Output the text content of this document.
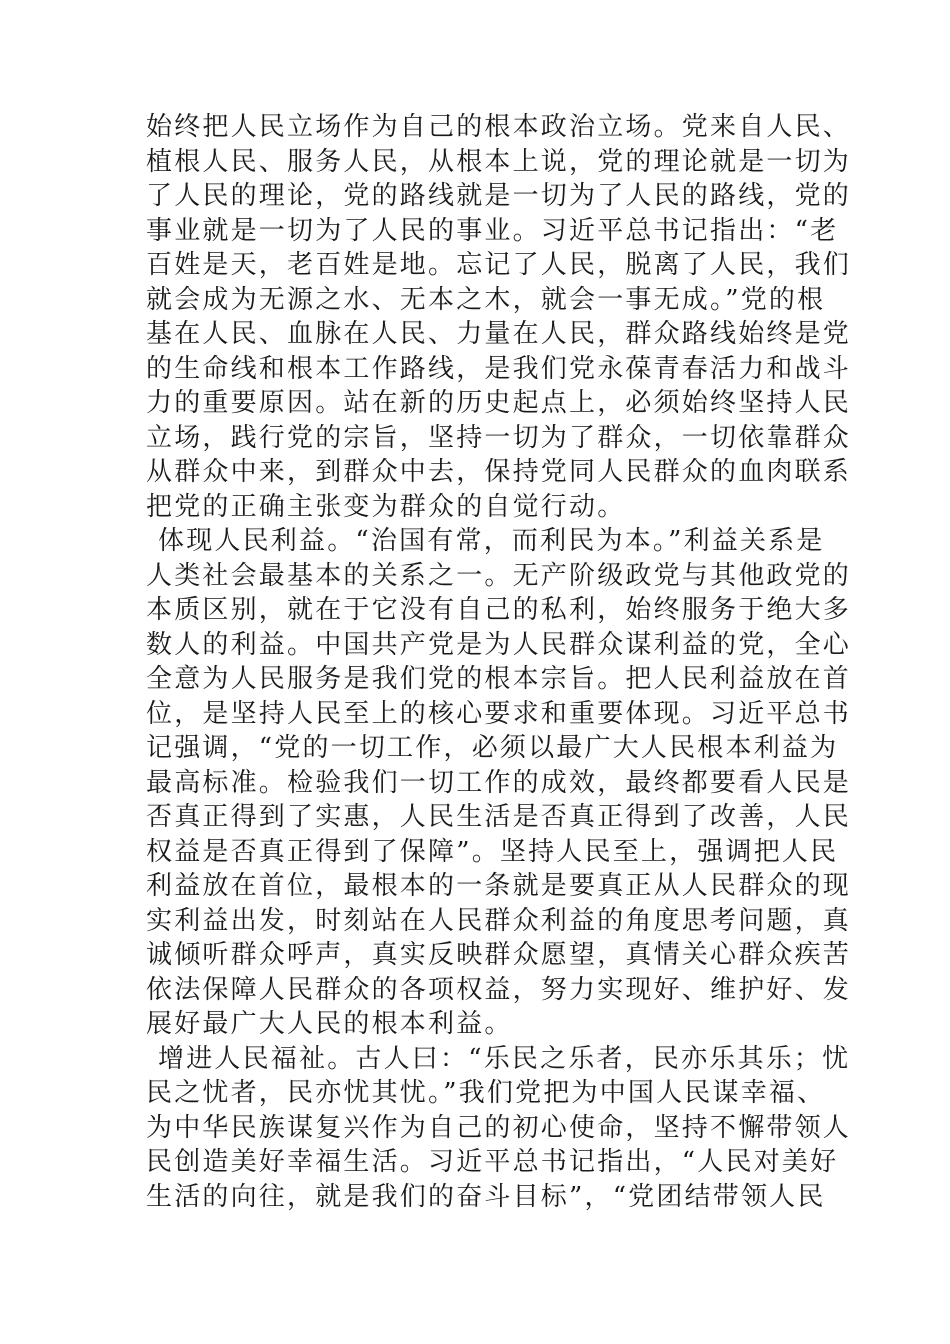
始终把人民立场作为自己的根本政治立场。党来自人民、
植根人民、服务人民，从根本上说，党的理论就是一切为
了人民的理论，党的路线就是一切为了人民的路线，党的
事业就是一切为了人民的事业。习近平总书记指出：“老
百姓是天，老百姓是地。忘记了人民，脱离了人民，我们
就会成为无源之水、无本之木，就会一事无成。”党的根
基在人民、血脉在人民、力量在人民，群众路线始终是党
的生命线和根本工作路线，是我们党永葆青春活力和战斗
力的重要原因。站在新的历史起点上，必须始终坚持人民
立场，践行党的宗旨，坚持一切为了群众，一切依靠群众
从群众中来，到群众中去，保持党同人民群众的血肉联系
把党的正确主张变为群众的自觉行动。
体现人民利益。“治国有常，而利民为本。”利益关系是
人类社会最基本的关系之一。无产阶级政党与其他政党的
本质区别，就在于它没有自己的私利，始终服务于绝大多
数人的利益。中国共产党是为人民群众谋利益的党，全心
全意为人民服务是我们党的根本宗旨。把人民利益放在首
位，是坚持人民至上的核心要求和重要体现。习近平总书
记强调，“党的一切工作，必须以最广大人民根本利益为
最高标准。检验我们一切工作的成效，最终都要看人民是
否真正得到了实惠，人民生活是否真正得到了改善，人民
权益是否真正得到了保障”。坚持人民至上，强调把人民
利益放在首位，最根本的一条就是要真正从人民群众的现
实利益出发，时刻站在人民群众利益的角度思考问题，真
诚倾听群众呼声，真实反映群众愿望，真情关心群众疾苦
依法保障人民群众的各项权益，努力实现好、维护好、发
展好最广大人民的根本利益。
增进人民福祉。古人曰：“乐民之乐者，民亦乐其乐；忧
民之忧者，民亦忧其忧。”我们党把为中国人民谋幸福、
为中华民族谋复兴作为自己的初心使命，坚持不懈带领人
民创造美好幸福生活。习近平总书记指出，“人民对美好
生活的向往，就是我们的奋斗目标”，“党团结带领人民
